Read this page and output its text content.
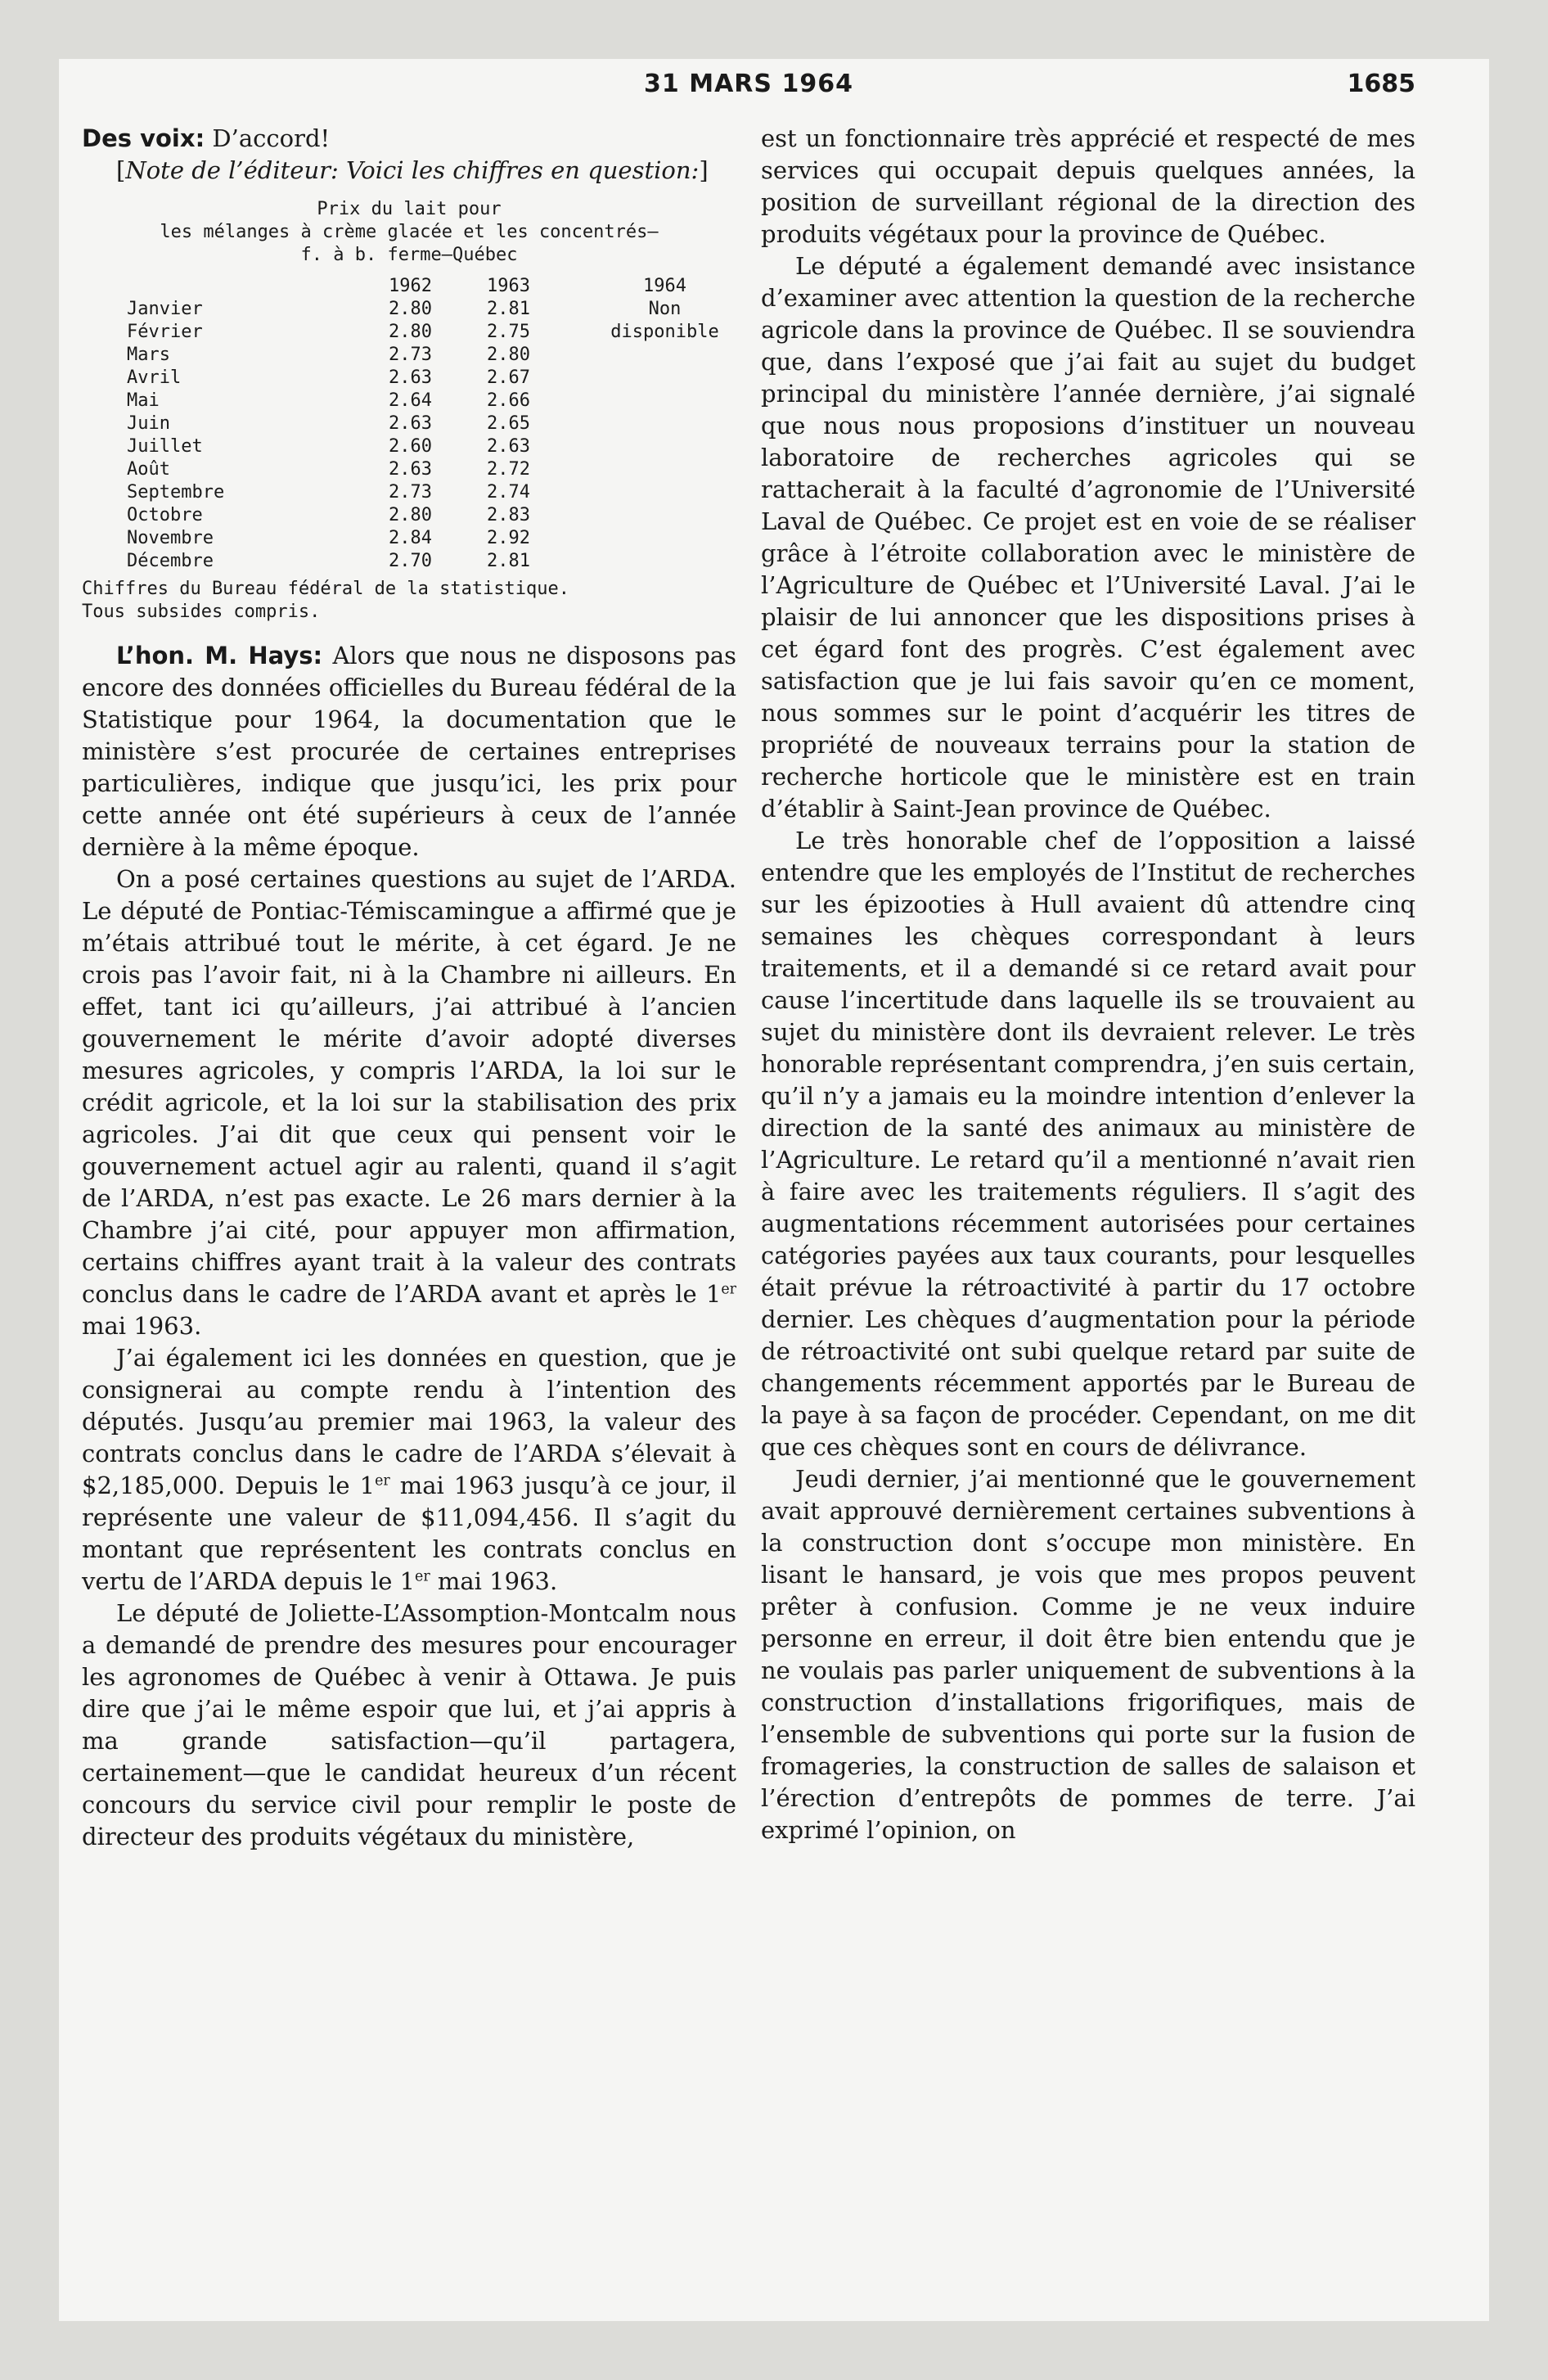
31 MARS 1964	1685

Des voix: D’accord!

[Note de l’éditeur: Voici les chiffres en question:]

Prix du lait pour
les mélanges à crème glacée et les concentrés—
f. à b. ferme—Québec
	1962	1963	1964
Janvier	2.80	2.81	Non
Février	2.80	2.75	disponible
Mars	2.73	2.80	
Avril	2.63	2.67	
Mai	2.64	2.66	
Juin	2.63	2.65	
Juillet	2.60	2.63	
Août	2.63	2.72	
Septembre	2.73	2.74	
Octobre	2.80	2.83	
Novembre	2.84	2.92	
Décembre	2.70	2.81	
Chiffres du Bureau fédéral de la statistique.
Tous subsides compris.

L’hon. M. Hays: Alors que nous ne disposons pas encore des données officielles du Bureau fédéral de la Statistique pour 1964, la documentation que le ministère s’est procurée de certaines entreprises particulières, indique que jusqu’ici, les prix pour cette année ont été supérieurs à ceux de l’année dernière à la même époque.

On a posé certaines questions au sujet de l’ARDA. Le député de Pontiac-Témiscamingue a affirmé que je m’étais attribué tout le mérite, à cet égard. Je ne crois pas l’avoir fait, ni à la Chambre ni ailleurs. En effet, tant ici qu’ailleurs, j’ai attribué à l’ancien gouvernement le mérite d’avoir adopté diverses mesures agricoles, y compris l’ARDA, la loi sur le crédit agricole, et la loi sur la stabilisation des prix agricoles. J’ai dit que ceux qui pensent voir le gouvernement actuel agir au ralenti, quand il s’agit de l’ARDA, n’est pas exacte. Le 26 mars dernier à la Chambre j’ai cité, pour appuyer mon affirmation, certains chiffres ayant trait à la valeur des contrats conclus dans le cadre de l’ARDA avant et après le 1er mai 1963.

J’ai également ici les données en question, que je consignerai au compte rendu à l’intention des députés. Jusqu’au premier mai 1963, la valeur des contrats conclus dans le cadre de l’ARDA s’élevait à $2,185,000. Depuis le 1er mai 1963 jusqu’à ce jour, il représente une valeur de $11,094,456. Il s’agit du montant que représentent les contrats conclus en vertu de l’ARDA depuis le 1er mai 1963.

Le député de Joliette-L’Assomption-Montcalm nous a demandé de prendre des mesures pour encourager les agronomes de Québec à venir à Ottawa. Je puis dire que j’ai le même espoir que lui, et j’ai appris à ma grande satisfaction—qu’il partagera, certainement—que le candidat heureux d’un récent concours du service civil pour remplir le poste de directeur des produits végétaux du ministère,

est un fonctionnaire très apprécié et respecté de mes services qui occupait depuis quelques années, la position de surveillant régional de la direction des produits végétaux pour la province de Québec.

Le député a également demandé avec insistance d’examiner avec attention la question de la recherche agricole dans la province de Québec. Il se souviendra que, dans l’exposé que j’ai fait au sujet du budget principal du ministère l’année dernière, j’ai signalé que nous nous proposions d’instituer un nouveau laboratoire de recherches agricoles qui se rattacherait à la faculté d’agronomie de l’Université Laval de Québec. Ce projet est en voie de se réaliser grâce à l’étroite collaboration avec le ministère de l’Agriculture de Québec et l’Université Laval. J’ai le plaisir de lui annoncer que les dispositions prises à cet égard font des progrès. C’est également avec satisfaction que je lui fais savoir qu’en ce moment, nous sommes sur le point d’acquérir les titres de propriété de nouveaux terrains pour la station de recherche horticole que le ministère est en train d’établir à Saint-Jean province de Québec.

Le très honorable chef de l’opposition a laissé entendre que les employés de l’Institut de recherches sur les épizooties à Hull avaient dû attendre cinq semaines les chèques correspondant à leurs traitements, et il a demandé si ce retard avait pour cause l’incertitude dans laquelle ils se trouvaient au sujet du ministère dont ils devraient relever. Le très honorable représentant comprendra, j’en suis certain, qu’il n’y a jamais eu la moindre intention d’enlever la direction de la santé des animaux au ministère de l’Agriculture. Le retard qu’il a mentionné n’avait rien à faire avec les traitements réguliers. Il s’agit des augmentations récemment autorisées pour certaines catégories payées aux taux courants, pour lesquelles était prévue la rétroactivité à partir du 17 octobre dernier. Les chèques d’augmentation pour la période de rétroactivité ont subi quelque retard par suite de changements récemment apportés par le Bureau de la paye à sa façon de procéder. Cependant, on me dit que ces chèques sont en cours de délivrance.

Jeudi dernier, j’ai mentionné que le gouvernement avait approuvé dernièrement certaines subventions à la construction dont s’occupe mon ministère. En lisant le hansard, je vois que mes propos peuvent prêter à confusion. Comme je ne veux induire personne en erreur, il doit être bien entendu que je ne voulais pas parler uniquement de subventions à la construction d’installations frigorifiques, mais de l’ensemble de subventions qui porte sur la fusion de fromageries, la construction de salles de salaison et l’érection d’entrepôts de pommes de terre. J’ai exprimé l’opinion, on
